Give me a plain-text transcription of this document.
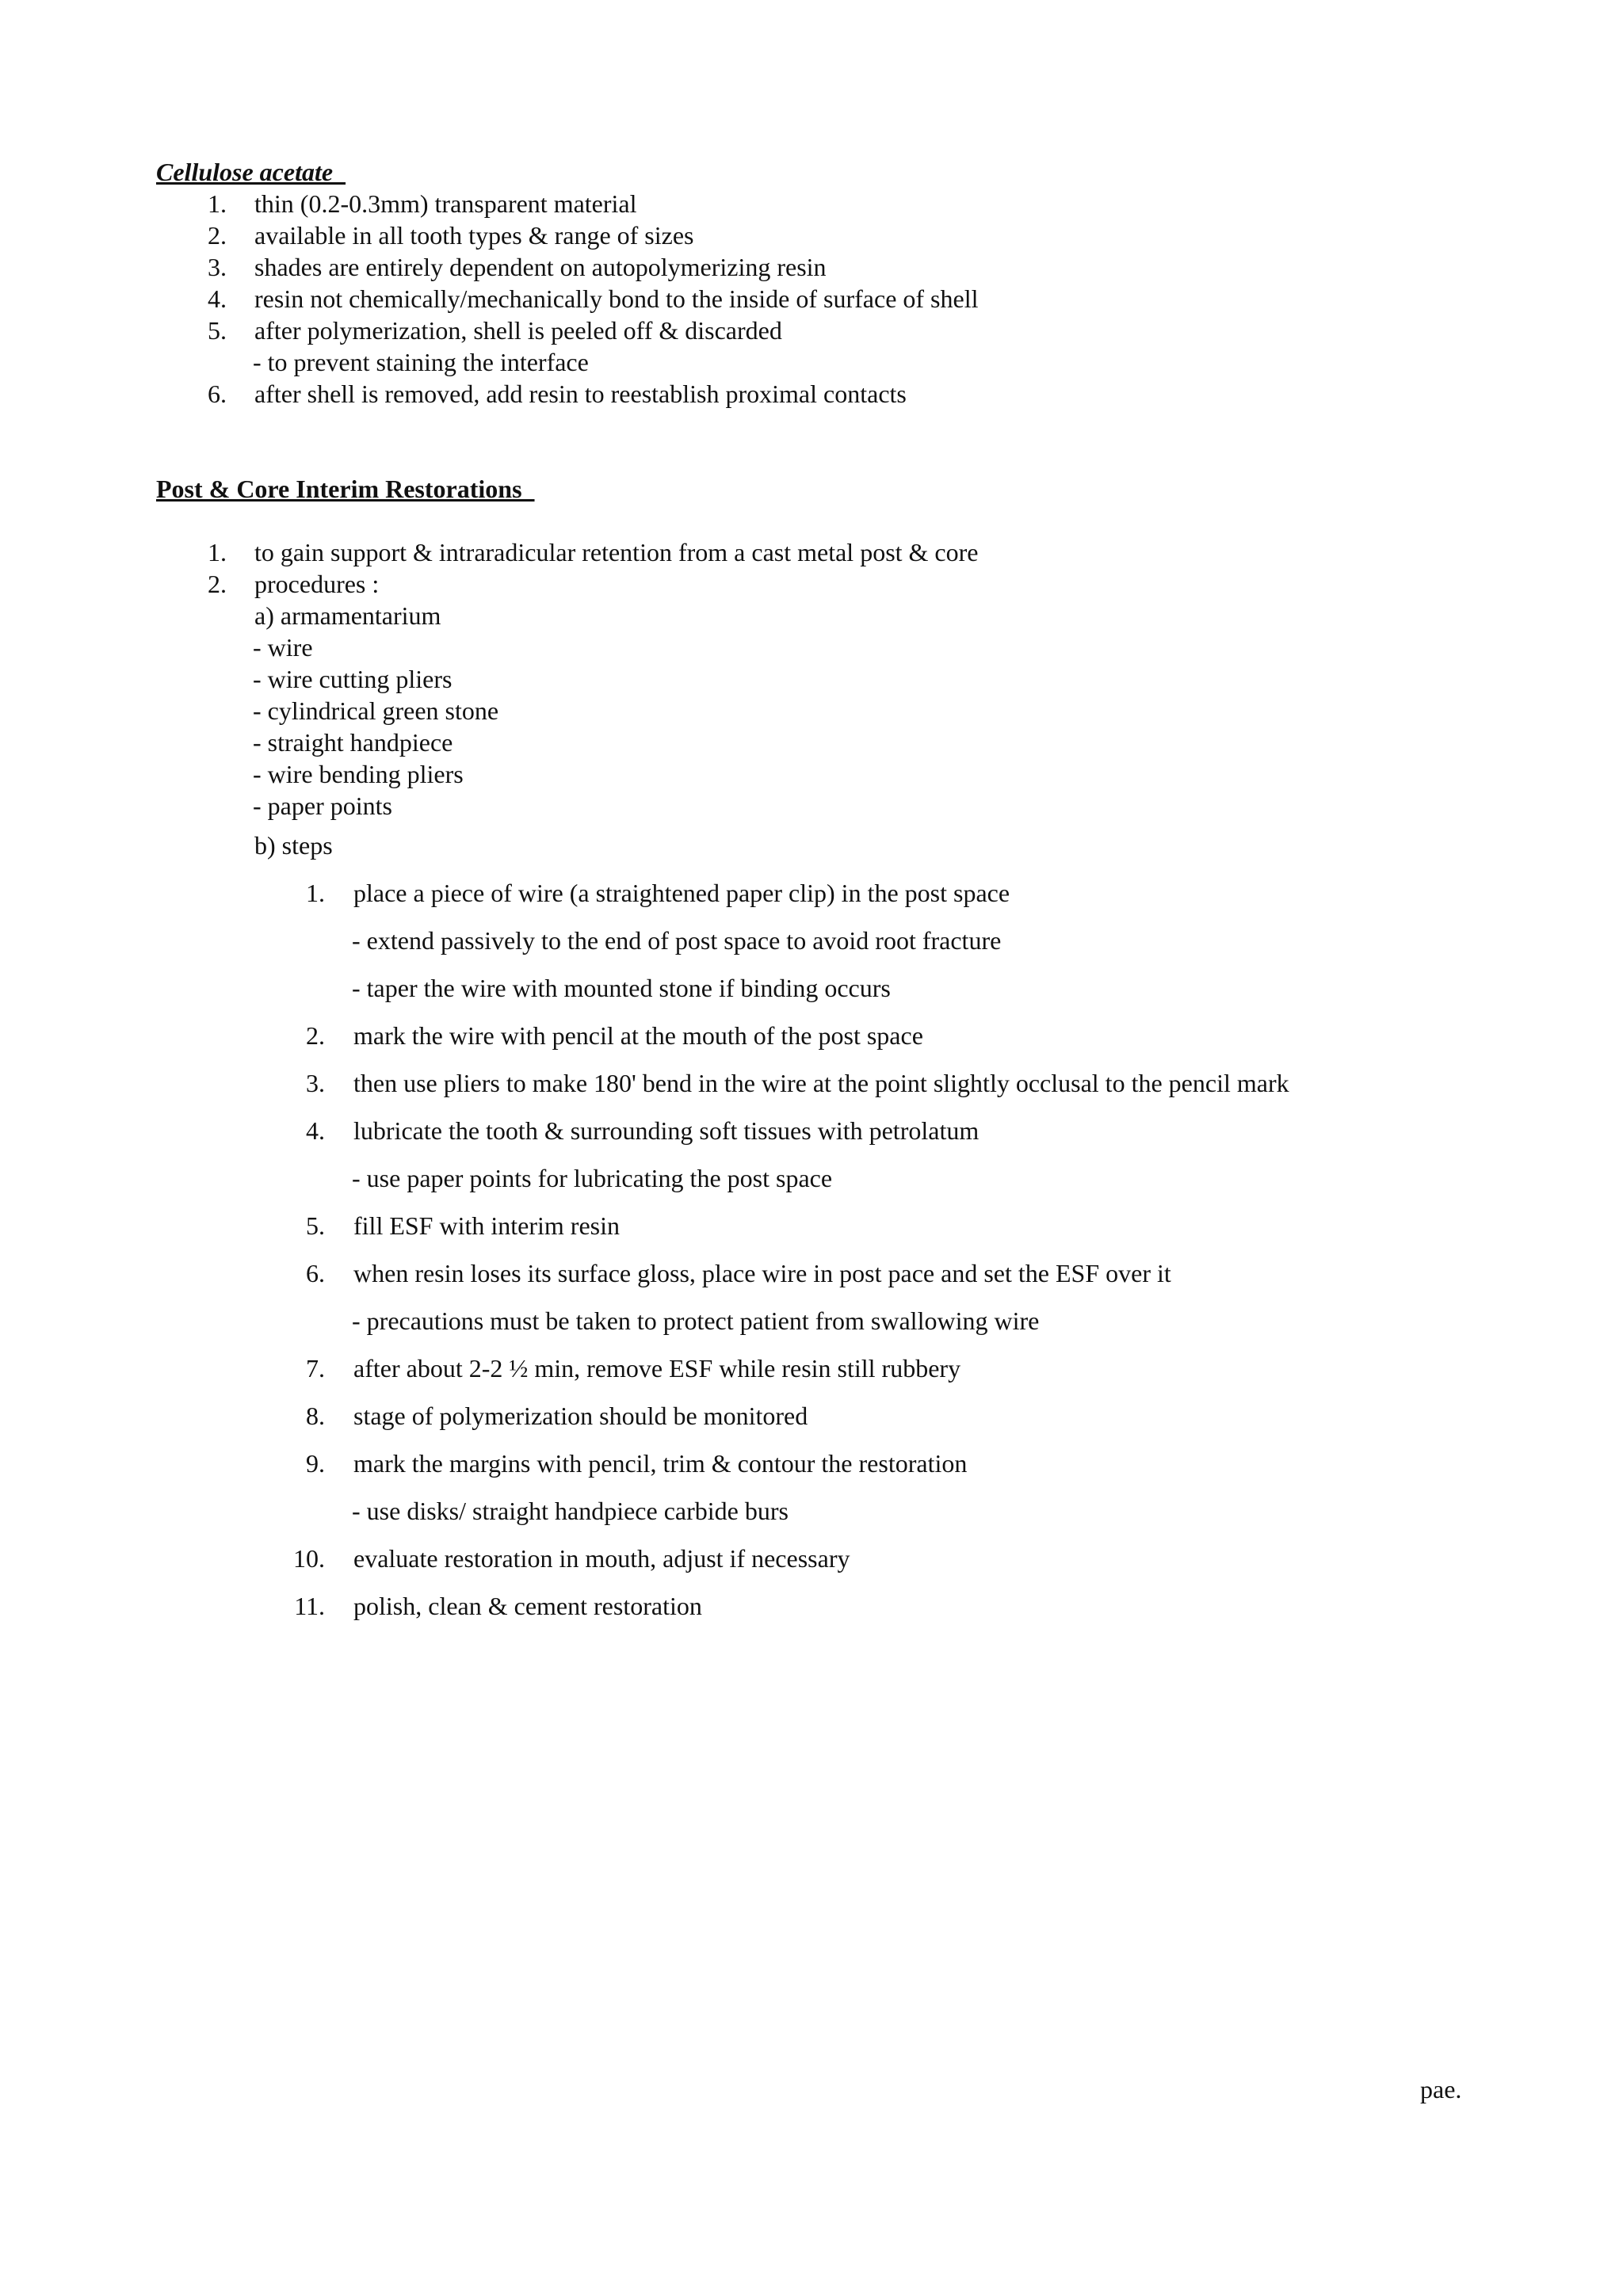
Cellulose acetate
1. thin (0.2-0.3mm) transparent material
2. available in all tooth types & range of sizes
3. shades are entirely dependent on autopolymerizing resin
4. resin not chemically/mechanically bond to the inside of surface of shell
5. after polymerization, shell is peeled off & discarded
- to prevent staining the interface
6. after shell is removed, add resin to reestablish proximal contacts
Post & Core Interim Restorations
1. to gain support & intraradicular retention from a cast metal post & core
2. procedures :
a) armamentarium
- wire
- wire cutting pliers
- cylindrical green stone
- straight handpiece
- wire bending pliers
- paper points
b) steps
1. place a piece of wire (a straightened paper clip) in the post space
- extend passively to the end of post space to avoid root fracture
- taper the wire with mounted stone if binding occurs
2. mark the wire with pencil at the mouth of the post space
3. then use pliers to make 180' bend in the wire at the point slightly occlusal to the pencil mark
4. lubricate the tooth & surrounding soft tissues with petrolatum
- use paper points for lubricating the post space
5. fill ESF with interim resin
6. when resin loses its surface gloss, place wire in post pace and set the ESF over it
- precautions must be taken to protect patient from swallowing wire
7. after about 2-2 ½ min, remove ESF while resin still rubbery
8. stage of polymerization should be monitored
9. mark the margins with pencil, trim & contour the restoration
- use disks/ straight handpiece carbide burs
10. evaluate restoration in mouth, adjust if necessary
11. polish, clean & cement restoration
pae.
